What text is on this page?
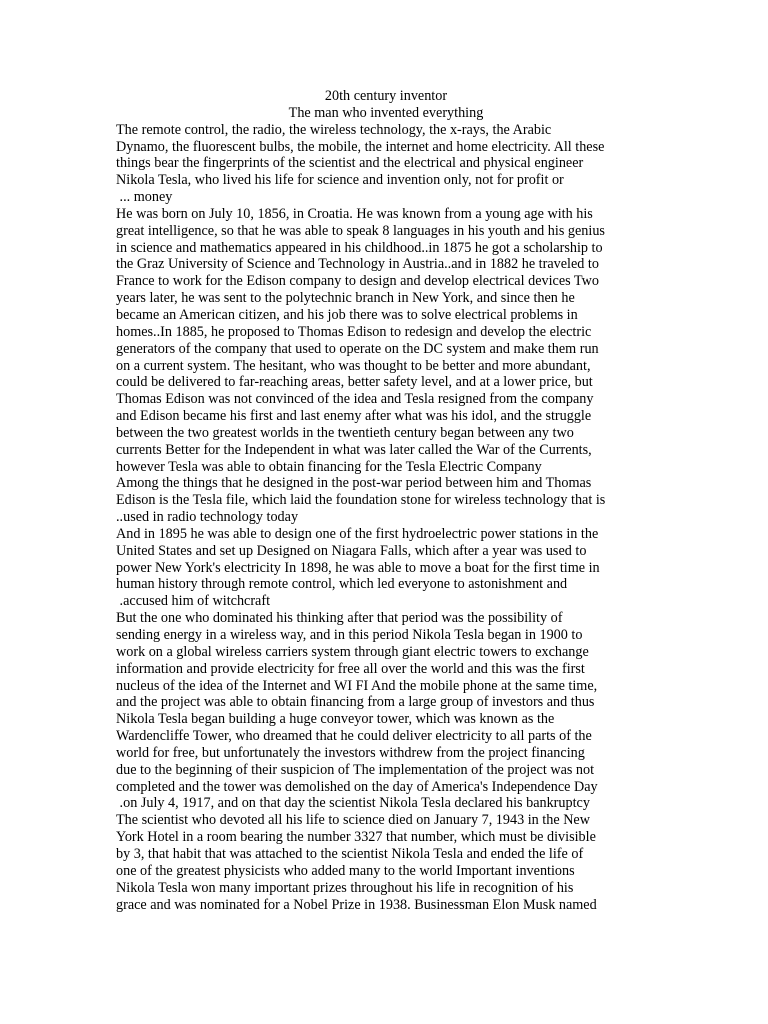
20th century inventor
The man who invented everything
The remote control, the radio, the wireless technology, the x-rays, the Arabic
Dynamo, the fluorescent bulbs, the mobile, the internet and home electricity. All these
things bear the fingerprints of the scientist and the electrical and physical engineer
Nikola Tesla, who lived his life for science and invention only, not for profit or
... money
He was born on July 10, 1856, in Croatia. He was known from a young age with his
great intelligence, so that he was able to speak 8 languages in his youth and his genius
in science and mathematics appeared in his childhood..in 1875 he got a scholarship to
the Graz University of Science and Technology in Austria..and in 1882 he traveled to
France to work for the Edison company to design and develop electrical devices Two
years later, he was sent to the polytechnic branch in New York, and since then he
became an American citizen, and his job there was to solve electrical problems in
homes..In 1885, he proposed to Thomas Edison to redesign and develop the electric
generators of the company that used to operate on the DC system and make them run
on a current system. The hesitant, who was thought to be better and more abundant,
could be delivered to far-reaching areas, better safety level, and at a lower price, but
Thomas Edison was not convinced of the idea and Tesla resigned from the company
and Edison became his first and last enemy after what was his idol, and the struggle
between the two greatest worlds in the twentieth century began between any two
currents Better for the Independent in what was later called the War of the Currents,
however Tesla was able to obtain financing for the Tesla Electric Company
Among the things that he designed in the post-war period between him and Thomas
Edison is the Tesla file, which laid the foundation stone for wireless technology that is
..used in radio technology today
And in 1895 he was able to design one of the first hydroelectric power stations in the
United States and set up Designed on Niagara Falls, which after a year was used to
power New York's electricity In 1898, he was able to move a boat for the first time in
human history through remote control, which led everyone to astonishment and
.accused him of witchcraft
But the one who dominated his thinking after that period was the possibility of
sending energy in a wireless way, and in this period Nikola Tesla began in 1900 to
work on a global wireless carriers system through giant electric towers to exchange
information and provide electricity for free all over the world and this was the first
nucleus of the idea of the Internet and WI FI And the mobile phone at the same time,
and the project was able to obtain financing from a large group of investors and thus
Nikola Tesla began building a huge conveyor tower, which was known as the
Wardencliffe Tower, who dreamed that he could deliver electricity to all parts of the
world for free, but unfortunately the investors withdrew from the project financing
due to the beginning of their suspicion of The implementation of the project was not
completed and the tower was demolished on the day of America's Independence Day
.on July 4, 1917, and on that day the scientist Nikola Tesla declared his bankruptcy
The scientist who devoted all his life to science died on January 7, 1943 in the New
York Hotel in a room bearing the number 3327 that number, which must be divisible
by 3, that habit that was attached to the scientist Nikola Tesla and ended the life of
one of the greatest physicists who added many to the world Important inventions
Nikola Tesla won many important prizes throughout his life in recognition of his
grace and was nominated for a Nobel Prize in 1938. Businessman Elon Musk named
